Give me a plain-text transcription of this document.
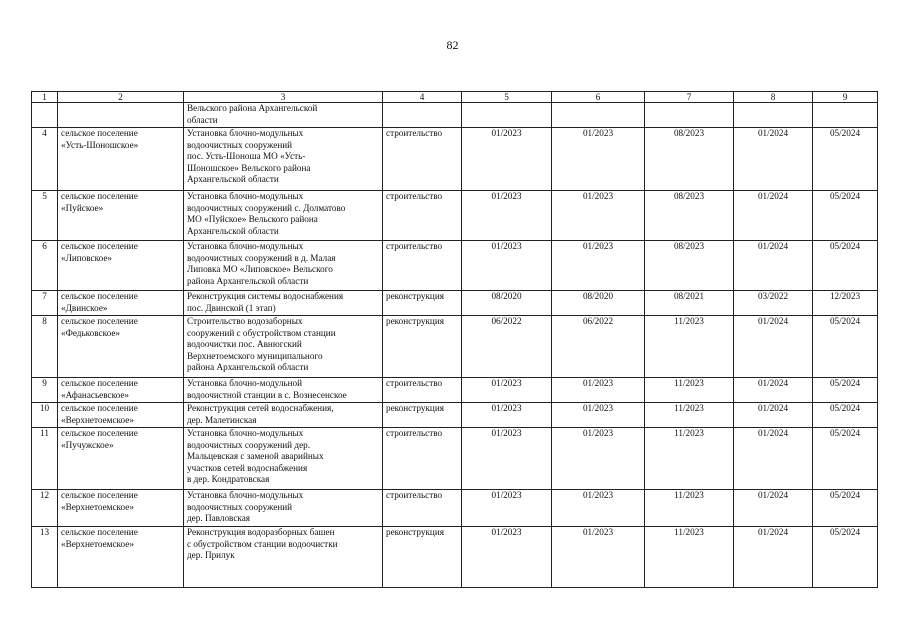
82
1	2	3	4	5	6	7	8	9
		Вельского района Архангельской
области						
4	сельское поселение
«Усть-Шоношское»	Установка блочно-модульных
водоочистных сооружений
пос. Усть-Шоноша МО «Усть-
Шоношское» Вельского района
Архангельской области	строительство	01/2023	01/2023	08/2023	01/2024	05/2024
5	сельское поселение
«Пуйское»	Установка блочно-модульных
водоочистных сооружений с. Долматово
МО «Пуйское» Вельского района
Архангельской области	строительство	01/2023	01/2023	08/2023	01/2024	05/2024
6	сельское поселение
«Липовское»	Установка блочно-модульных
водоочистных сооружений в д. Малая
Липовка МО «Липовское» Вельского
района Архангельской области	строительство	01/2023	01/2023	08/2023	01/2024	05/2024
7	сельское поселение
«Двинское»	Реконструкция системы водоснабжения
пос. Двинской (1 этап)	реконструкция	08/2020	08/2020	08/2021	03/2022	12/2023
8	сельское поселение
«Федьковское»	Строительство водозаборных
сооружений с обустройством станции
водоочистки пос. Авнюгский
Верхнетоемского муниципального
района Архангельской области	реконструкция	06/2022	06/2022	11/2023	01/2024	05/2024
9	сельское поселение
«Афанасьевское»	Установка блочно-модульной
водоочистной станции в с. Вознесенское	строительство	01/2023	01/2023	11/2023	01/2024	05/2024
10	сельское поселение
«Верхнетоемское»	Реконструкция сетей водоснабжения,
дер. Малетинская	реконструкция	01/2023	01/2023	11/2023	01/2024	05/2024
11	сельское поселение
«Пучужское»	Установка блочно-модульных
водоочистных сооружений дер.
Мальцевская с заменой аварийных
участков сетей водоснабжения
в дер. Кондратовская	строительство	01/2023	01/2023	11/2023	01/2024	05/2024
12	сельское поселение
«Верхнетоемское»	Установка блочно-модульных
водоочистных сооружений
дер. Павловская	строительство	01/2023	01/2023	11/2023	01/2024	05/2024
13	сельское поселение
«Верхнетоемское»	Реконструкция водоразборных башен
с обустройством станции водоочистки
дер. Прилук	реконструкция	01/2023	01/2023	11/2023	01/2024	05/2024
